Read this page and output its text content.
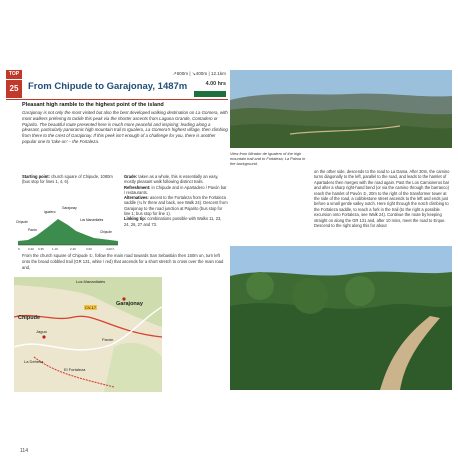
TOP	↗600m | ↘400m | 12.1km
25	From Chipude to Garajonay, 1487m	4.00 hrs
Pleasant high ramble to the highest point of the island
Garajonay is not only the most visited but also the best developed walking destination on La Gomera, with most walkers prefering to tackle this peak via the shorter ascents from Laguna Grande, Contadero or Pajarito. The beautiful route presented here is much more peaceful and inspiring: leading along a pleasant, particularly panoramic high mountain trail to Igualero, La Gomera's highest village, then climbing from there to the crest of Garajonay. If this peek isn't enough of a challenge for you, there is another popular one to 'take on' – the Fortaleza.
Starting point: church square of Chipude, 1080m (bus stop for lines 1, 4, 6).
Grade: taken as a whole, this is essentially an easy, mostly pleasant walk following distinct trails.
Refreshment: in Chipude and in Apartadero / Pavón bar / restaurants.
Alternatives: ascent to the Fortaleza from the Fortaleza saddle (¼ hr there and back, see Walk 24). Descent from Garajonay to the road junction at Pajarito (bus stop for line 1; bus stop for line 1).
Linking tip: combinations possible with Walks 11, 23, 24, 26, 27 and 73.
Chipude
Pavón
Igualero
Garajonay
Los Manantiales
Chipude
0	0.20 0.35	1.10	2.40	3.00	4.00 h
From the church square of Chipude ①, follow the main road towards San Sebastián then 150m on, turn left onto the broad cobbled trail (GR 131, white / red) that ascends for a short stretch to cross over the main road and,
Los Manantiales
Garajonay
Chipude
Jaguo
La Dehesa
El Fortaleza
Pavón
CV-17
114
View from Mirador de Igualero of the high mountain trail and to Fortaleza; La Palma in the background.
on the other side, descends to the road to La Dama. After 30m, the camino turns diagonally to the left, parallel to the road, and leads to the hamlet of Apartadero then merges with the road again. Past the Los Camioneros bar and after a sharp right-hand bend (or via the camino through the barranco) reach the hamlet of Pavón ②, 20m to the right of the transformer tower at the side of the road, a cobblestone street ascends to the left and ends just before a small gentle valley notch. Here right through the notch climbing to the Fortaleza saddle, to reach a fork in the trail (to the right a possible excursion onto Fortaleza, see Walk 24). Continue the route by keeping straight on along the GR 131 and, after 10 mins, meet the road to Erque. Descend to the right along this for about
